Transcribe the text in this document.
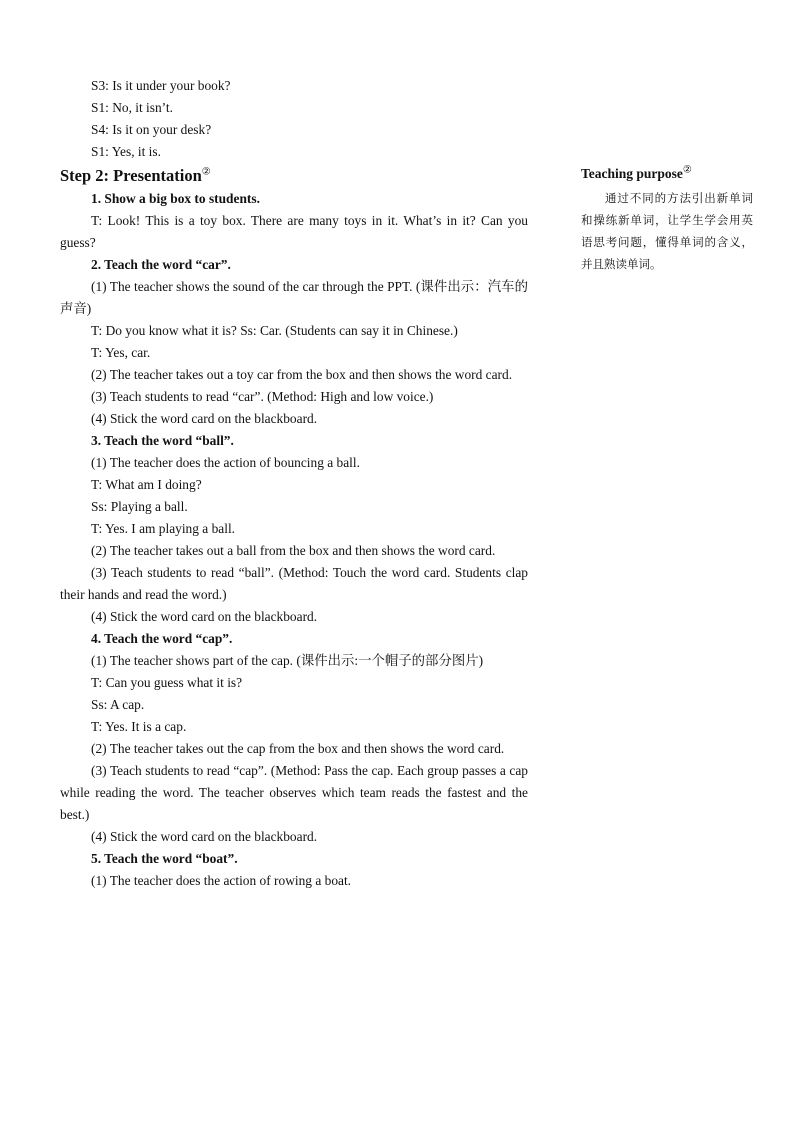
S3: Is it under your book?

S1: No, it isn’t.

S4: Is it on your desk?

S1: Yes, it is.

Step 2: Presentation②

1. Show a big box to students.

T: Look! This is a toy box. There are many toys in it. What’s in it? Can you guess?

2. Teach the word “car”.

(1) The teacher shows the sound of the car through the PPT. (课件出示：汽车的声音)

T: Do you know what it is? Ss: Car. (Students can say it in Chinese.)

T: Yes, car.

(2) The teacher takes out a toy car from the box and then shows the word card.

(3) Teach students to read “car”. (Method: High and low voice.)

(4) Stick the word card on the blackboard.

3. Teach the word “ball”.

(1) The teacher does the action of bouncing a ball.

T: What am I doing?

Ss: Playing a ball.

T: Yes. I am playing a ball.

(2) The teacher takes out a ball from the box and then shows the word card.

(3) Teach students to read “ball”. (Method: Touch the word card. Students clap their hands and read the word.)

(4) Stick the word card on the blackboard.

4. Teach the word “cap”.

(1) The teacher shows part of the cap. (课件出示:一个帽子的部分图片)

T: Can you guess what it is?

Ss: A cap.

T: Yes. It is a cap.

(2) The teacher takes out the cap from the box and then shows the word card.

(3) Teach students to read “cap”. (Method: Pass the cap. Each group passes a cap while reading the word. The teacher observes which team reads the fastest and the best.)

(4) Stick the word card on the blackboard.

5. Teach the word “boat”.

(1) The teacher does the action of rowing a boat.

Teaching purpose②

通过不同的方法引出新单词和操练新单词，让学生学会用英语思考问题，懂得单词的含义，并且熟读单词。
